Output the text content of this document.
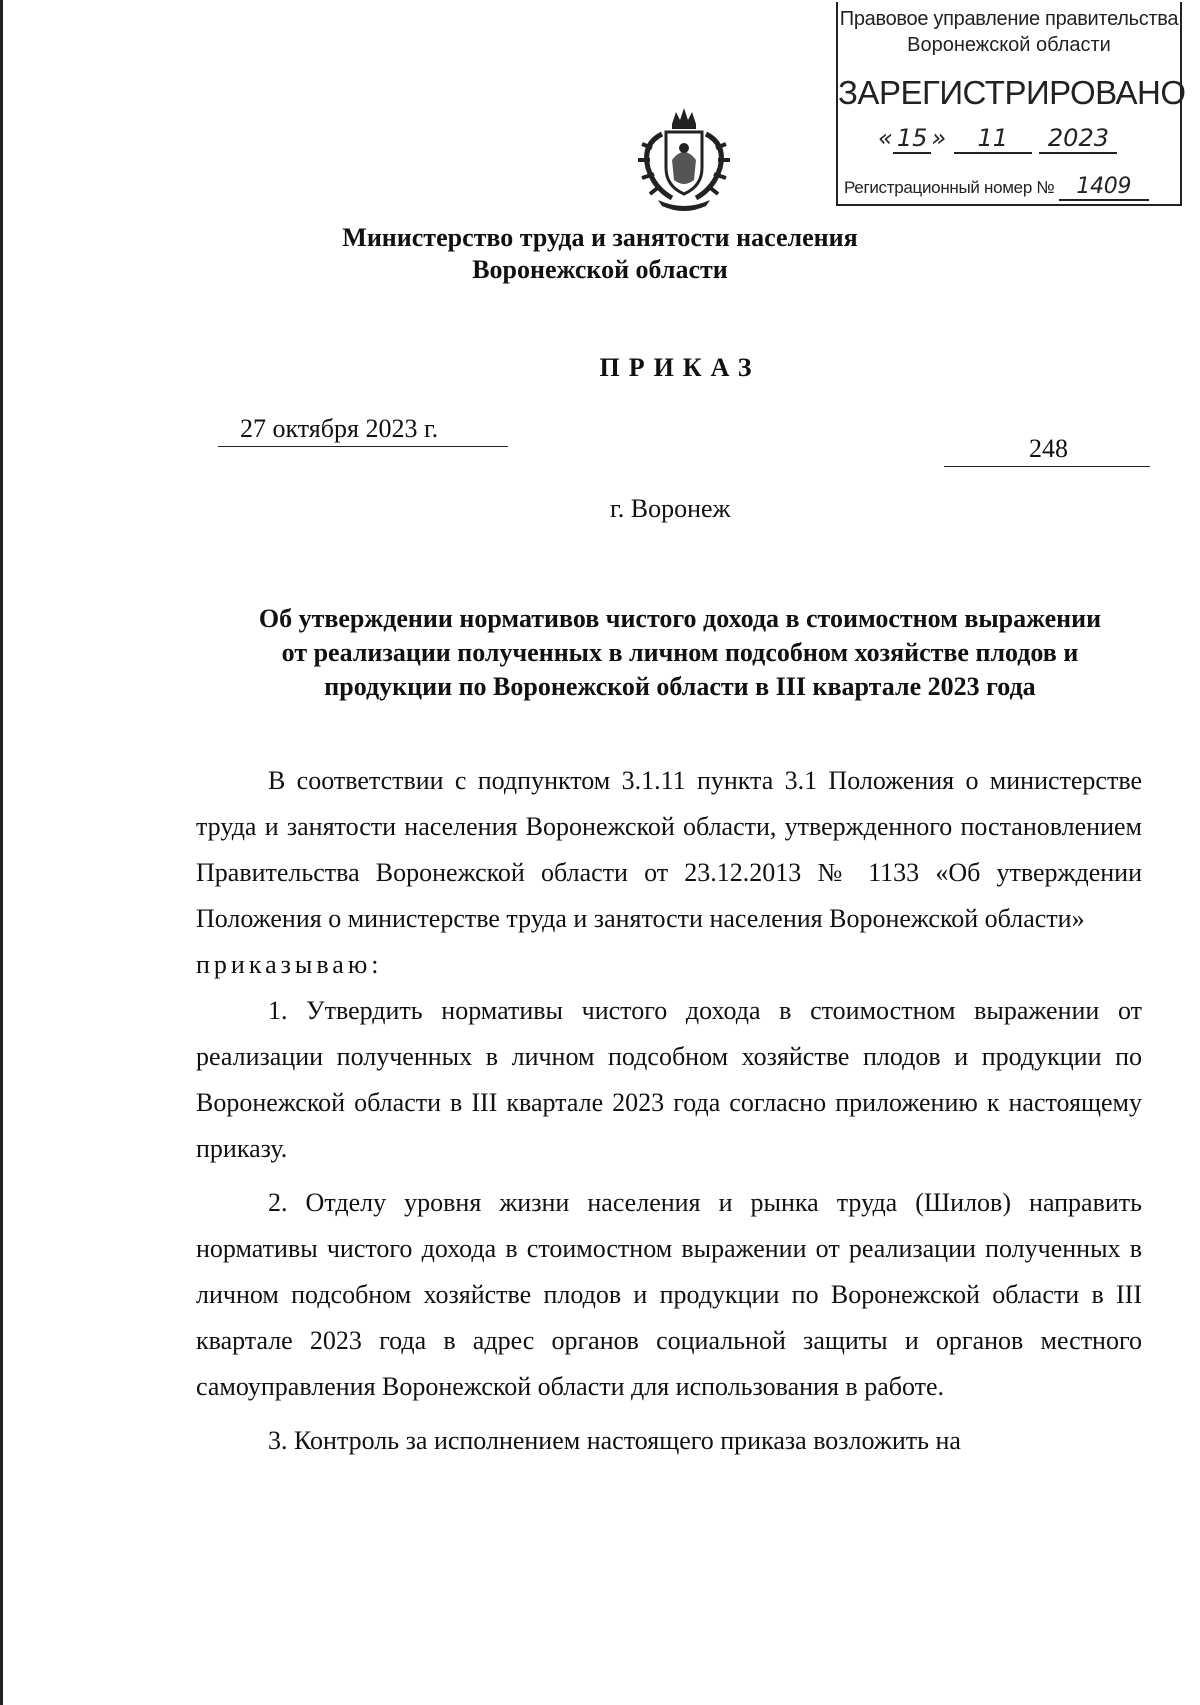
Правовое управление правительства
Воронежской области
ЗАРЕГИСТРИРОВАНО
« 15 » 11 2023
Регистрационный номер № 1409
Министерство труда и занятости населения
Воронежской области
ПРИКАЗ
27 октября 2023 г.
248
г. Воронеж
Об утверждении нормативов чистого дохода в стоимостном выражении
от реализации полученных в личном подсобном хозяйстве плодов и
продукции по Воронежской области в III квартале 2023 года

В соответствии с подпунктом 3.1.11 пункта 3.1 Положения о министерстве труда и занятости населения Воронежской области, утвержденного постановлением Правительства Воронежской области от 23.12.2013 № 1133 «Об утверждении Положения о министерстве труда и занятости населения Воронежской области»

приказываю:

1. Утвердить нормативы чистого дохода в стоимостном выражении от реализации полученных в личном подсобном хозяйстве плодов и продукции по Воронежской области в III квартале 2023 года согласно приложению к настоящему приказу.

2. Отделу уровня жизни населения и рынка труда (Шилов) направить нормативы чистого дохода в стоимостном выражении от реализации полученных в личном подсобном хозяйстве плодов и продукции по Воронежской области в III квартале 2023 года в адрес органов социальной защиты и органов местного самоуправления Воронежской области для использования в работе.

3. Контроль за исполнением настоящего приказа возложить на
